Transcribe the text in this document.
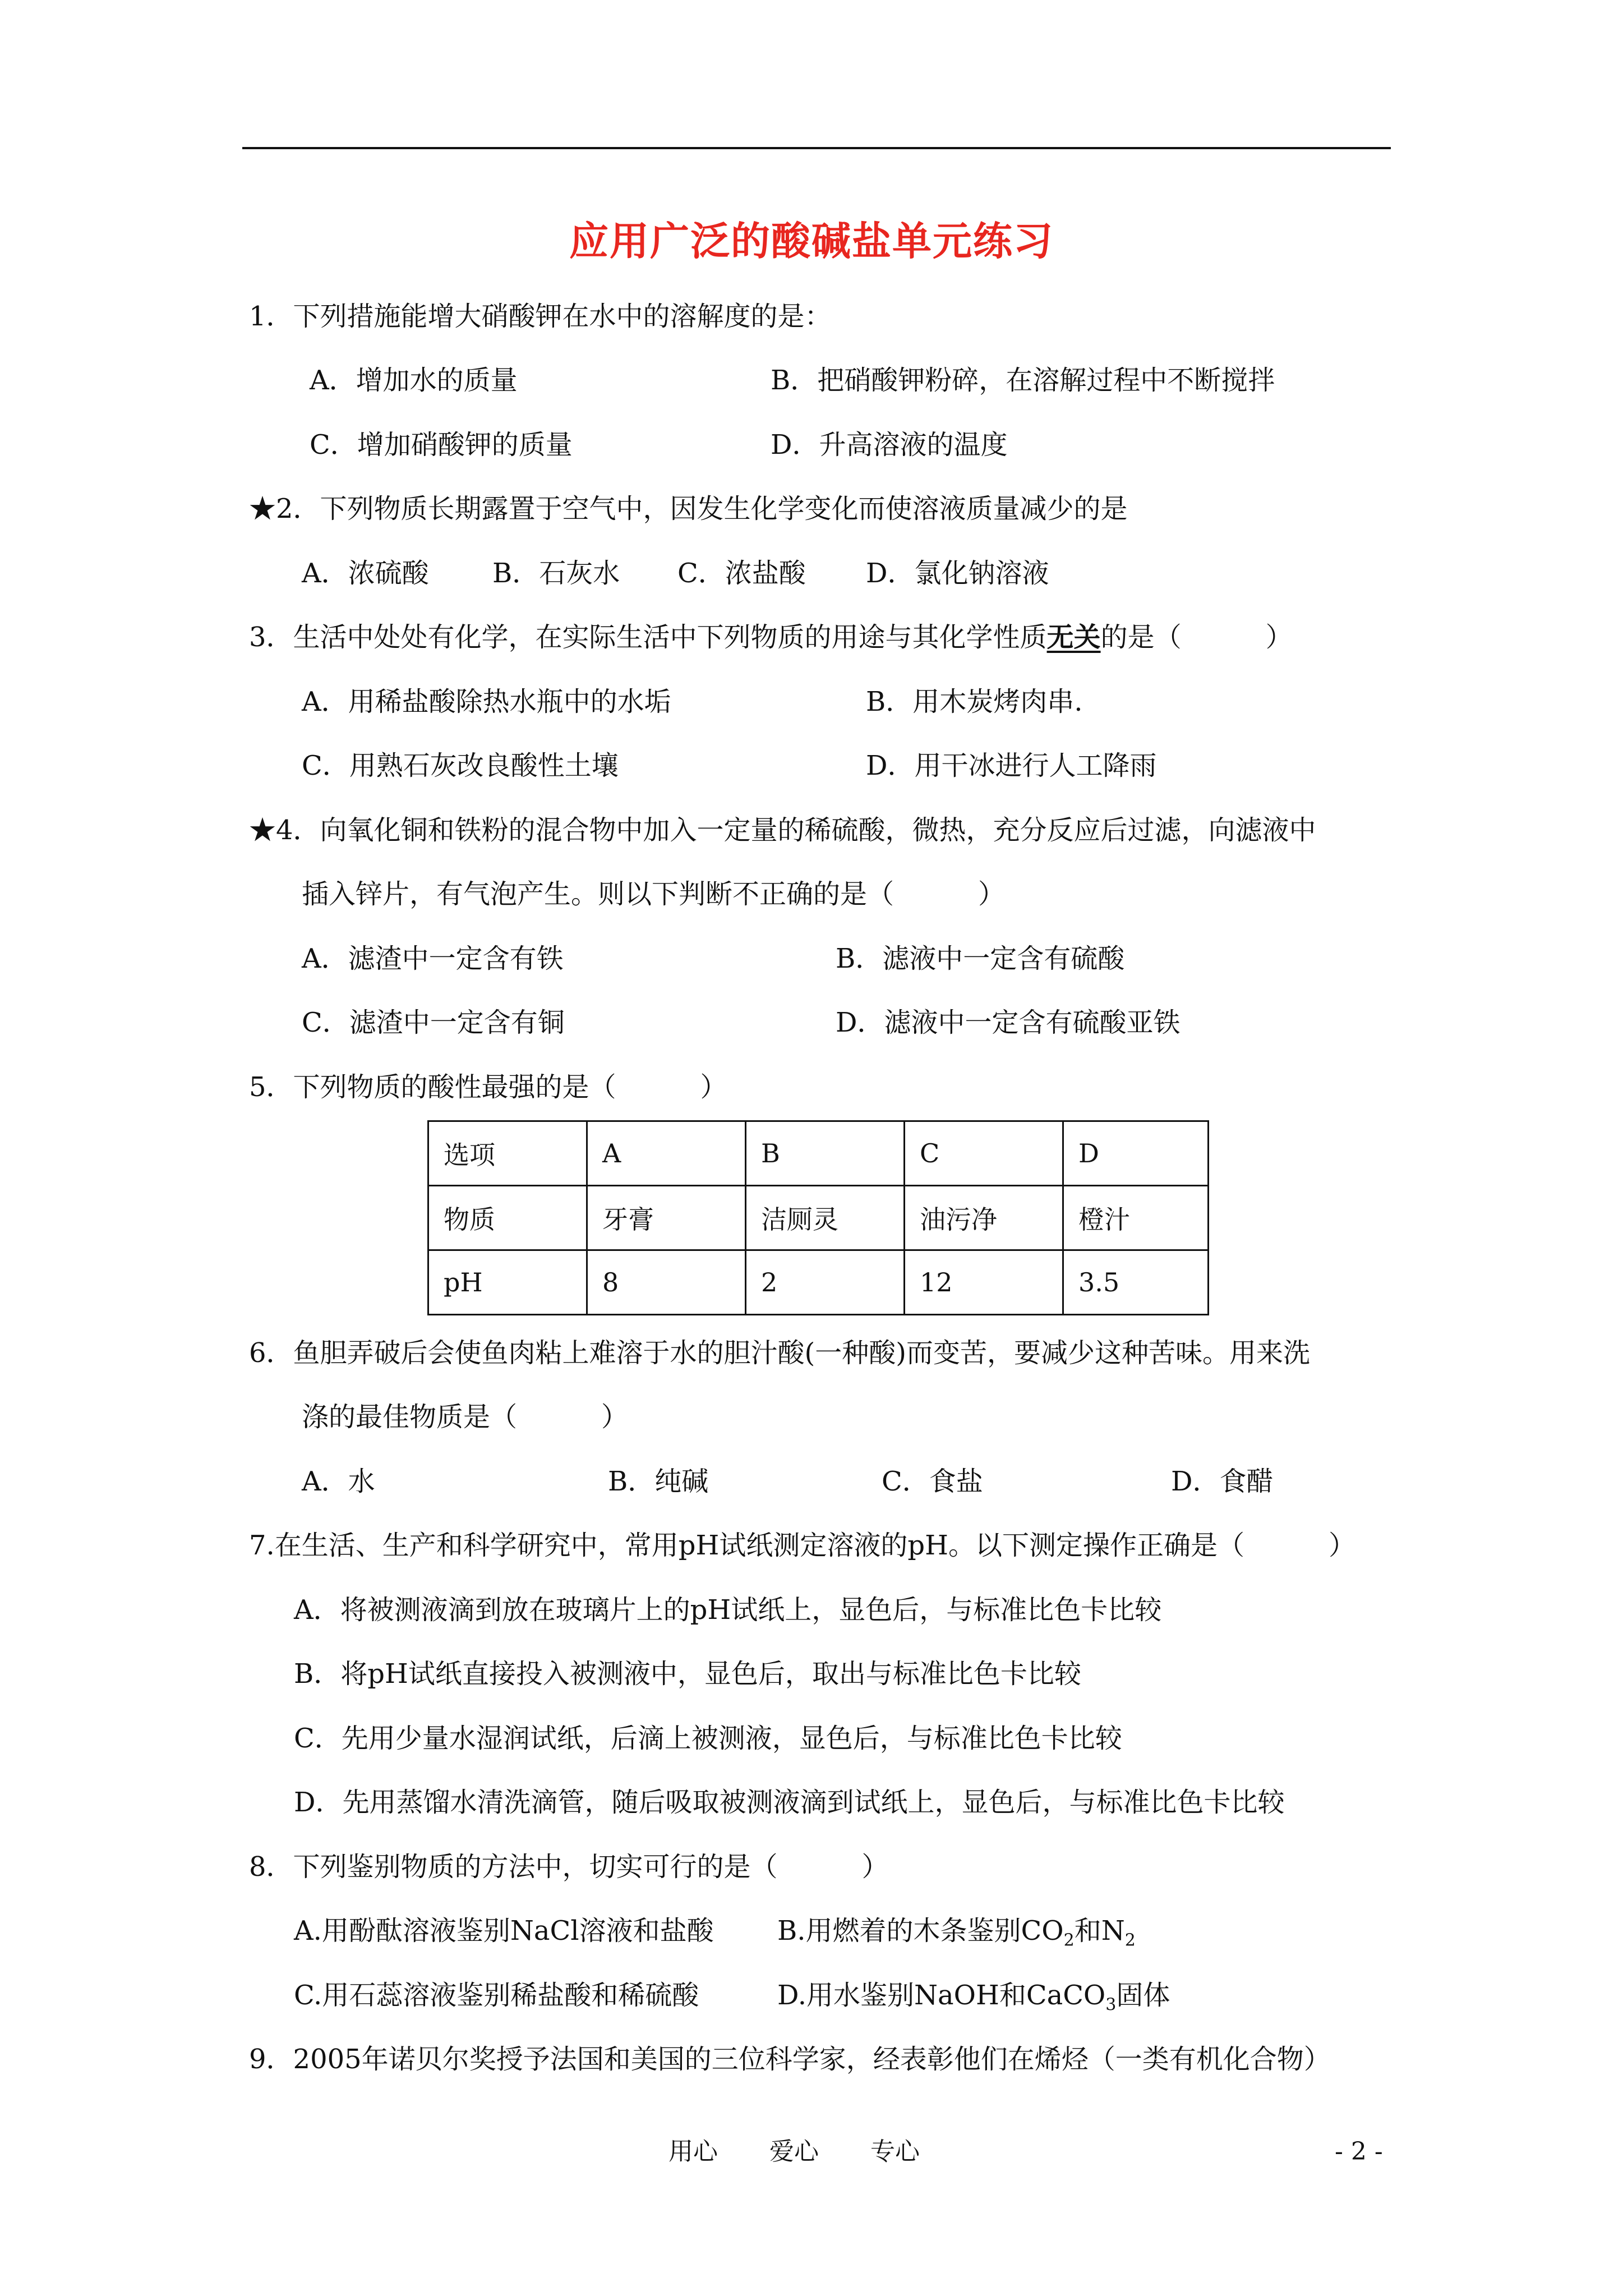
应用广泛的酸碱盐单元练习
1．下列措施能增大硝酸钾在水中的溶解度的是：
A．增加水的质量	B．把硝酸钾粉碎，在溶解过程中不断搅拌
C．增加硝酸钾的质量	D．升高溶液的温度
★2．下列物质长期露置于空气中，因发生化学变化而使溶液质量减少的是
A．浓硫酸 B．石灰水 C．浓盐酸 D．氯化钠溶液
3．生活中处处有化学，在实际生活中下列物质的用途与其化学性质无关的是（	）
A．用稀盐酸除热水瓶中的水垢	B．用木炭烤肉串.
C．用熟石灰改良酸性土壤	D．用干冰进行人工降雨
★4．向氧化铜和铁粉的混合物中加入一定量的稀硫酸，微热，充分反应后过滤，向滤液中
插入锌片，有气泡产生。则以下判断不正确的是（	）
A．滤渣中一定含有铁	B．滤液中一定含有硫酸
C．滤渣中一定含有铜	D．滤液中一定含有硫酸亚铁
5．下列物质的酸性最强的是（	）
选项	A	B	C	D
物质	牙膏	洁厕灵	油污净	橙汁
pH	8	2	12	3.5
6．鱼胆弄破后会使鱼肉粘上难溶于水的胆汁酸(一种酸)而变苦，要减少这种苦味。用来洗
涤的最佳物质是（	）
A．水	B．纯碱	C．食盐	D．食醋
7.在生活、生产和科学研究中，常用pH试纸测定溶液的pH。以下测定操作正确是（	）
A．将被测液滴到放在玻璃片上的pH试纸上，显色后，与标准比色卡比较
B．将pH试纸直接投入被测液中，显色后，取出与标准比色卡比较
C．先用少量水湿润试纸，后滴上被测液，显色后，与标准比色卡比较
D．先用蒸馏水清洗滴管，随后吸取被测液滴到试纸上，显色后，与标准比色卡比较
8．下列鉴别物质的方法中，切实可行的是（	）
A.用酚酞溶液鉴别NaCl溶液和盐酸 B.用燃着的木条鉴别$CO_2$和$N_2$
C.用石蕊溶液鉴别稀盐酸和稀硫酸	D.用水鉴别NaOH和CaCO$_3$固体
9．2005年诺贝尔奖授予法国和美国的三位科学家，经表彰他们在烯烃（一类有机化合物）
用心 爱心 专心	- 2 -
